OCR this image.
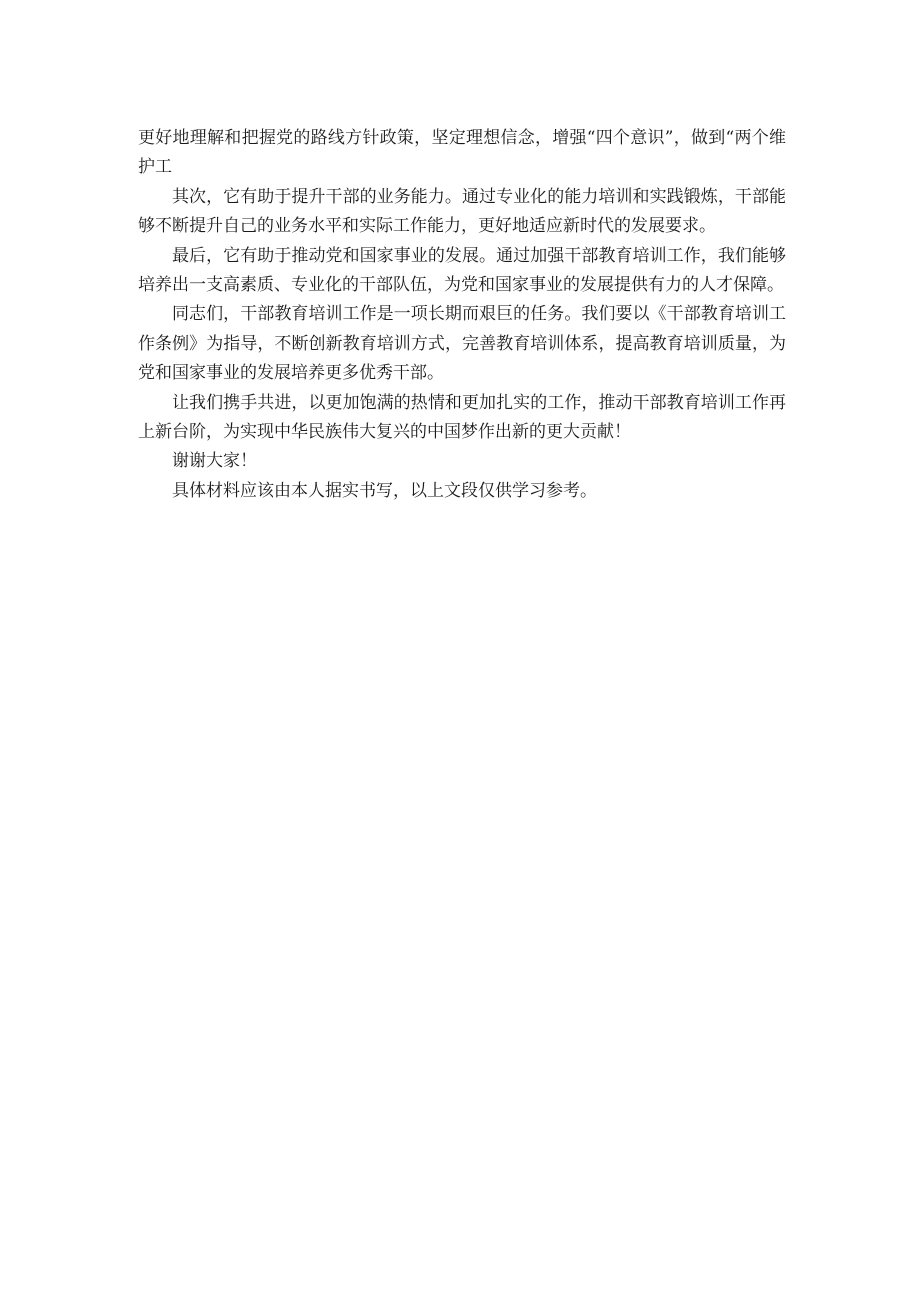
更好地理解和把握党的路线方针政策，坚定理想信念，增强“四个意识”，做到“两个维护工

其次，它有助于提升干部的业务能力。通过专业化的能力培训和实践锻炼，干部能够不断提升自己的业务水平和实际工作能力，更好地适应新时代的发展要求。

最后，它有助于推动党和国家事业的发展。通过加强干部教育培训工作，我们能够培养出一支高素质、专业化的干部队伍，为党和国家事业的发展提供有力的人才保障。

同志们，干部教育培训工作是一项长期而艰巨的任务。我们要以《干部教育培训工作条例》为指导，不断创新教育培训方式，完善教育培训体系，提高教育培训质量，为党和国家事业的发展培养更多优秀干部。

让我们携手共进，以更加饱满的热情和更加扎实的工作，推动干部教育培训工作再上新台阶，为实现中华民族伟大复兴的中国梦作出新的更大贡献！

谢谢大家！

具体材料应该由本人据实书写，以上文段仅供学习参考。
